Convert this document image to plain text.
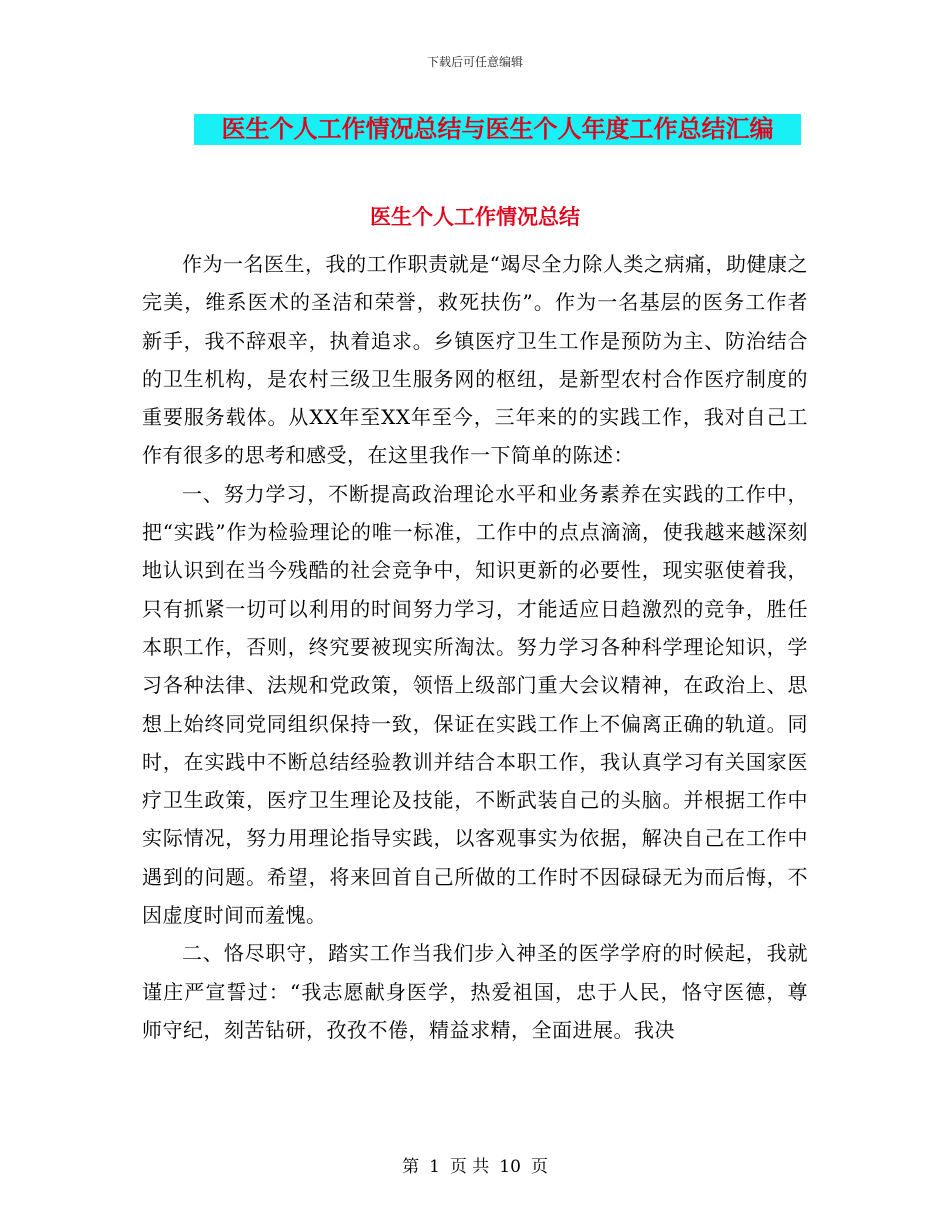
下载后可任意编辑
医生个人工作情况总结与医生个人年度工作总结汇编
医生个人工作情况总结

作为一名医生，我的工作职责就是“竭尽全力除人类之病痛，助健康之完美，维系医术的圣洁和荣誉，救死扶伤”。作为一名基层的医务工作者新手，我不辞艰辛，执着追求。乡镇医疗卫生工作是预防为主、防治结合的卫生机构，是农村三级卫生服务网的枢纽，是新型农村合作医疗制度的重要服务载体。从XX年至XX年至今，三年来的的实践工作，我对自己工作有很多的思考和感受，在这里我作一下简单的陈述：

一、努力学习，不断提高政治理论水平和业务素养在实践的工作中，把“实践”作为检验理论的唯一标准，工作中的点点滴滴，使我越来越深刻地认识到在当今残酷的社会竞争中，知识更新的必要性，现实驱使着我，只有抓紧一切可以利用的时间努力学习，才能适应日趋激烈的竞争，胜任本职工作，否则，终究要被现实所淘汰。努力学习各种科学理论知识，学习各种法律、法规和党政策，领悟上级部门重大会议精神，在政治上、思想上始终同党同组织保持一致，保证在实践工作上不偏离正确的轨道。同时，在实践中不断总结经验教训并结合本职工作，我认真学习有关国家医疗卫生政策，医疗卫生理论及技能，不断武装自己的头脑。并根据工作中实际情况，努力用理论指导实践，以客观事实为依据，解决自己在工作中遇到的问题。希望，将来回首自己所做的工作时不因碌碌无为而后悔，不因虚度时间而羞愧。

二、恪尽职守，踏实工作当我们步入神圣的医学学府的时候起，我就谨庄严宣誓过：“我志愿献身医学，热爱祖国，忠于人民，恪守医德，尊师守纪，刻苦钻研，孜孜不倦，精益求精，全面进展。我决

第 1 页 共 10 页
